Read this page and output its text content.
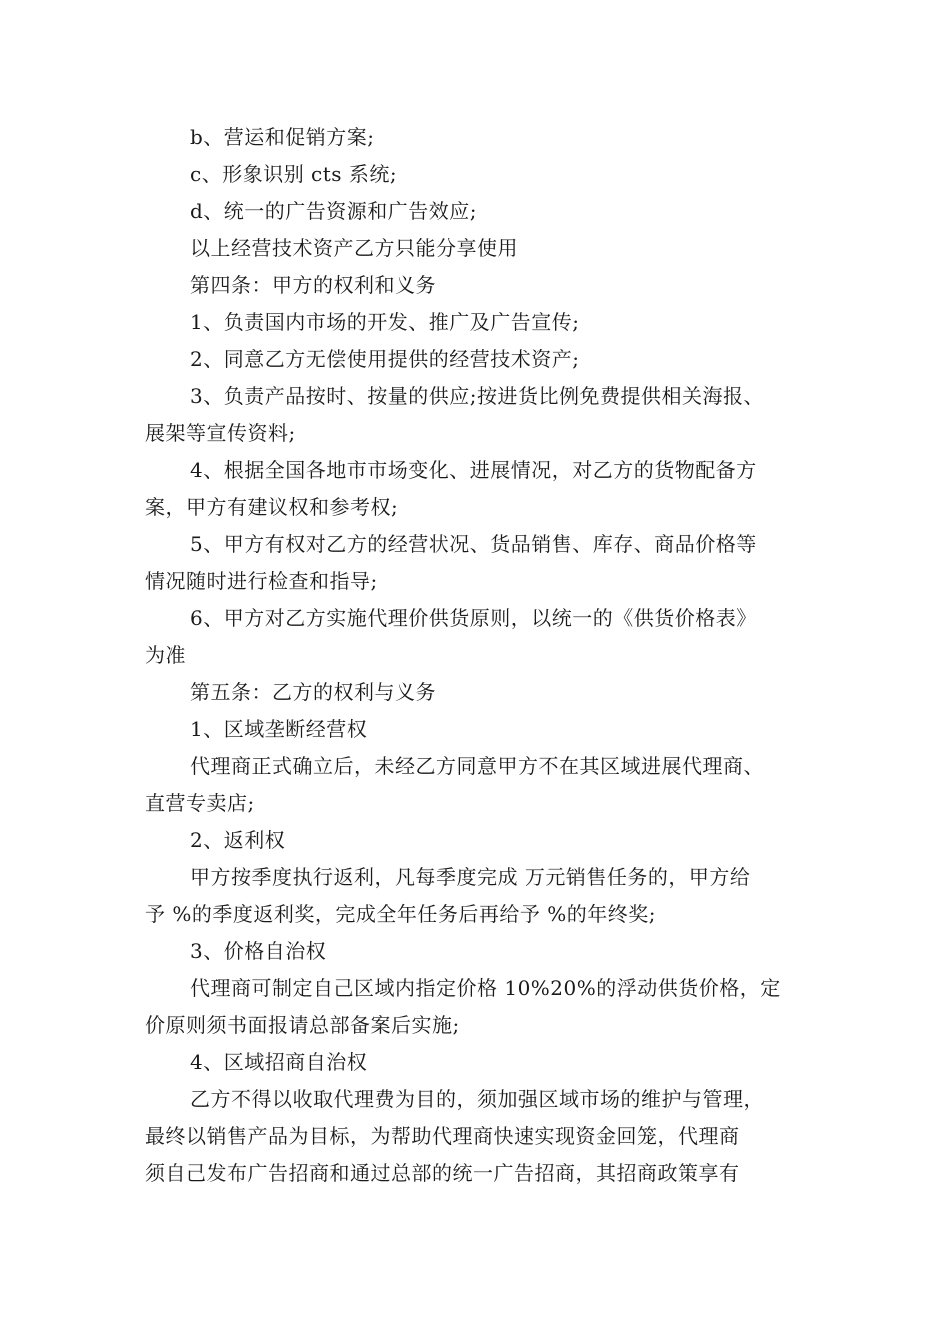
b、营运和促销方案;
c、形象识别 cts 系统;
d、统一的广告资源和广告效应;
以上经营技术资产乙方只能分享使用
第四条：甲方的权利和义务
1、负责国内市场的开发、推广及广告宣传;
2、同意乙方无偿使用提供的经营技术资产;
3、负责产品按时、按量的供应;按进货比例免费提供相关海报、
展架等宣传资料;
4、根据全国各地市市场变化、进展情况，对乙方的货物配备方
案，甲方有建议权和参考权;
5、甲方有权对乙方的经营状况、货品销售、库存、商品价格等
情况随时进行检查和指导;
6、甲方对乙方实施代理价供货原则，以统一的《供货价格表》
为准
第五条：乙方的权利与义务
1、区域垄断经营权
代理商正式确立后，未经乙方同意甲方不在其区域进展代理商、
直营专卖店;
2、返利权
甲方按季度执行返利，凡每季度完成 万元销售任务的，甲方给
予 %的季度返利奖，完成全年任务后再给予 %的年终奖;
3、价格自治权
代理商可制定自己区域内指定价格 10%20%的浮动供货价格，定
价原则须书面报请总部备案后实施;
4、区域招商自治权
乙方不得以收取代理费为目的，须加强区域市场的维护与管理，
最终以销售产品为目标，为帮助代理商快速实现资金回笼，代理商
须自己发布广告招商和通过总部的统一广告招商，其招商政策享有
